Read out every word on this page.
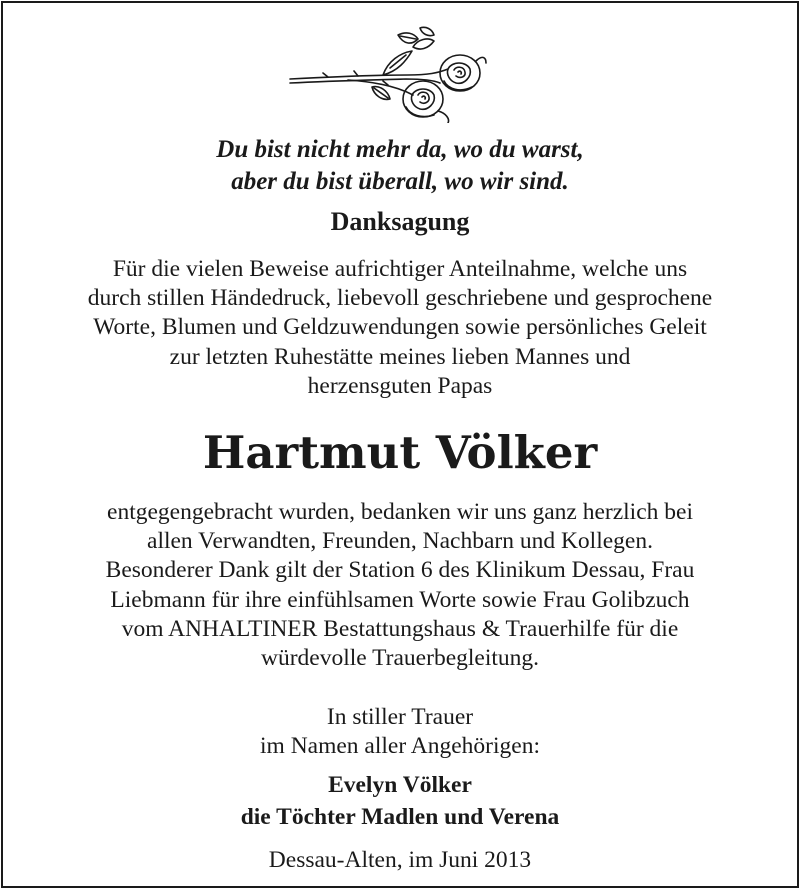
Du bist nicht mehr da, wo du warst,
aber du bist überall, wo wir sind.
Danksagung
Für die vielen Beweise aufrichtiger Anteilnahme, welche uns
durch stillen Händedruck, liebevoll geschriebene und gesprochene
Worte, Blumen und Geldzuwendungen sowie persönliches Geleit
zur letzten Ruhestätte meines lieben Mannes und
herzensguten Papas
Hartmut Völker
entgegengebracht wurden, bedanken wir uns ganz herzlich bei
allen Verwandten, Freunden, Nachbarn und Kollegen.
Besonderer Dank gilt der Station 6 des Klinikum Dessau, Frau
Liebmann für ihre einfühlsamen Worte sowie Frau Golibzuch
vom ANHALTINER Bestattungshaus & Trauerhilfe für die
würdevolle Trauerbegleitung.
In stiller Trauer
im Namen aller Angehörigen:
Evelyn Völker
die Töchter Madlen und Verena
Dessau-Alten, im Juni 2013
